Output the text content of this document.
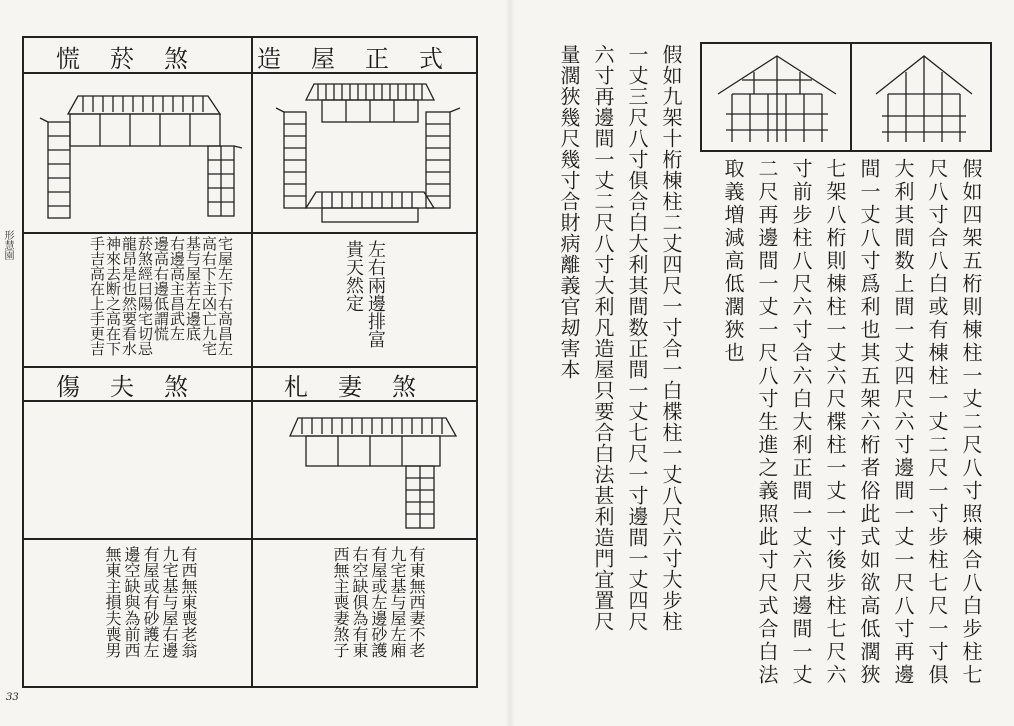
形慧園
33
慌菸煞	造屋正式
傷夫煞	札妻煞
宅屋左下右高昌左
高右下主凶亡九宅
基与屋若左邊底
右邊高主昌武左
邊高右邊低謂慌
菸煞經曰陽宅切忌
龍昂是也然要看水
神來去断之高在下
手吉高在上手更吉	左右兩邊排富
貴天然定
有西無東喪老翁
九宅基与屋右邊
有屋或有砂護左
邊空缺與為前西
無東主損夫喪男	有東無西妻不老
九宅基与屋左廂
有屋或左邊砂護
右空缺俱為有東
西無主喪妻煞子	假如四架五桁則棟柱一丈二尺八寸照棟合八白步柱七
尺八寸合八白或有棟柱一丈二尺一寸步柱七尺一寸俱
大利其間数上間一丈四尺六寸邊間一丈一尺八寸再邊
間一丈八寸爲利也其五架六桁者俗此式如欲高低濶狹
七架八桁則棟柱一丈六尺楪柱一丈一寸後步柱七尺六
寸前步柱八尺六寸合六白大利正間一丈六尺邊間一丈
二尺再邊間一丈一尺八寸生進之義照此寸尺式合白法
取義増減高低濶狹也
假如九架十桁棟柱二丈四尺一寸合一白楪柱一丈八尺六寸大步柱
一丈三尺八寸俱合白大利其間数正間一丈七尺一寸邊間一丈四尺
六寸再邊間一丈二尺八寸大利凡造屋只要合白法甚利造門宜置尺
量濶狹幾尺幾寸合財病離義官刼害本
